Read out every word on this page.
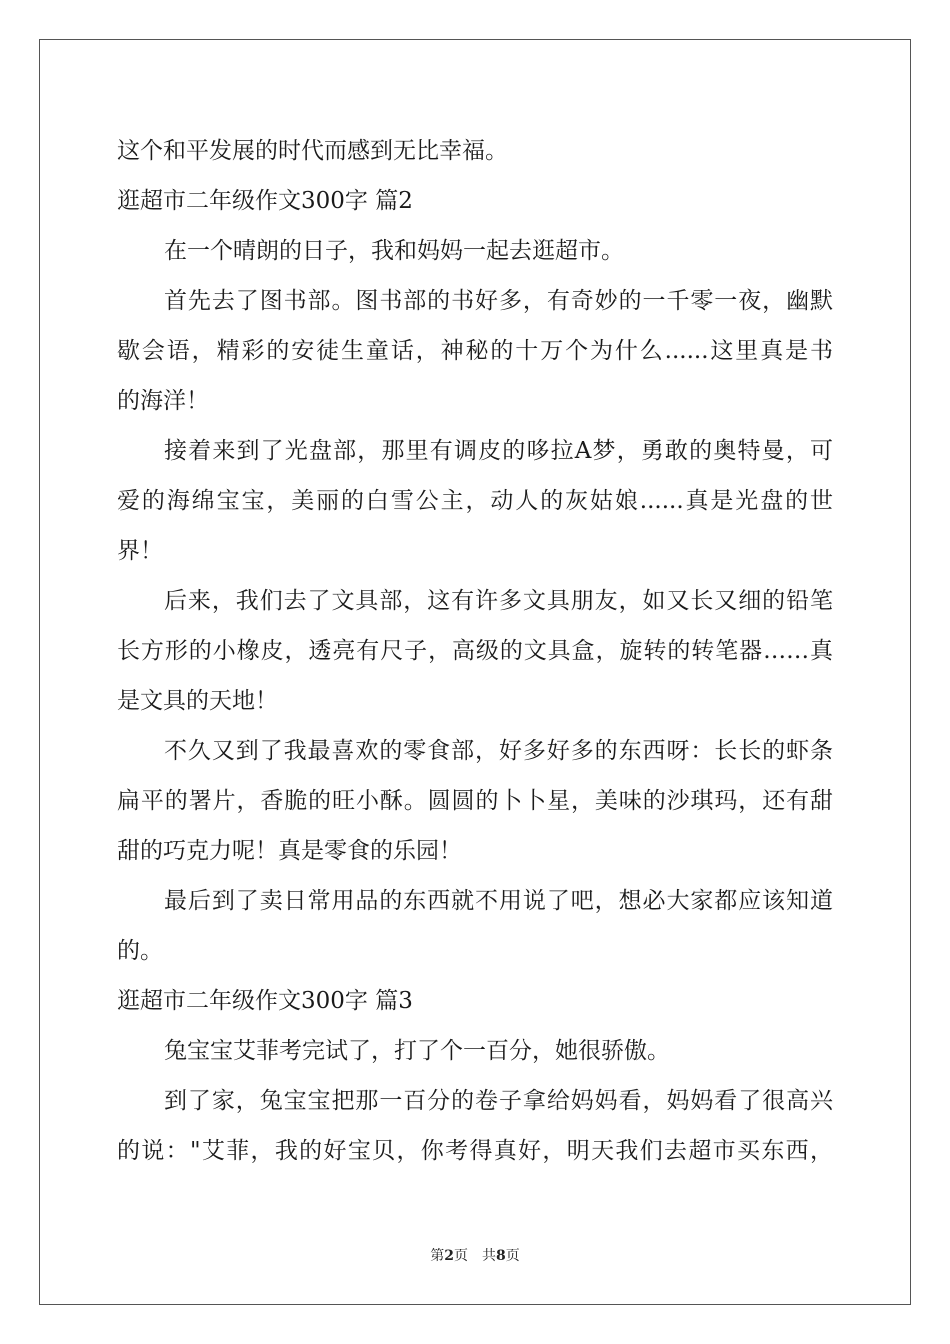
这个和平发展的时代而感到无比幸福。
逛超市二年级作文300字 篇2
在一个晴朗的日子，我和妈妈一起去逛超市。
首先去了图书部。图书部的书好多，有奇妙的一千零一夜，幽默
歇会语，精彩的安徒生童话，神秘的十万个为什么......这里真是书
的海洋！
接着来到了光盘部，那里有调皮的哆拉A梦，勇敢的奥特曼，可
爱的海绵宝宝，美丽的白雪公主，动人的灰姑娘......真是光盘的世
界！
后来，我们去了文具部，这有许多文具朋友，如又长又细的铅笔
长方形的小橡皮，透亮有尺子，高级的文具盒，旋转的转笔器……真
是文具的天地！
不久又到了我最喜欢的零食部，好多好多的东西呀：长长的虾条
扁平的署片，香脆的旺小酥。圆圆的卜卜星，美味的沙琪玛，还有甜
甜的巧克力呢！真是零食的乐园！
最后到了卖日常用品的东西就不用说了吧，想必大家都应该知道
的。
逛超市二年级作文300字 篇3
兔宝宝艾菲考完试了，打了个一百分，她很骄傲。
到了家，兔宝宝把那一百分的卷子拿给妈妈看，妈妈看了很高兴
的说："艾菲，我的好宝贝，你考得真好，明天我们去超市买东西，
第2页 共8页
